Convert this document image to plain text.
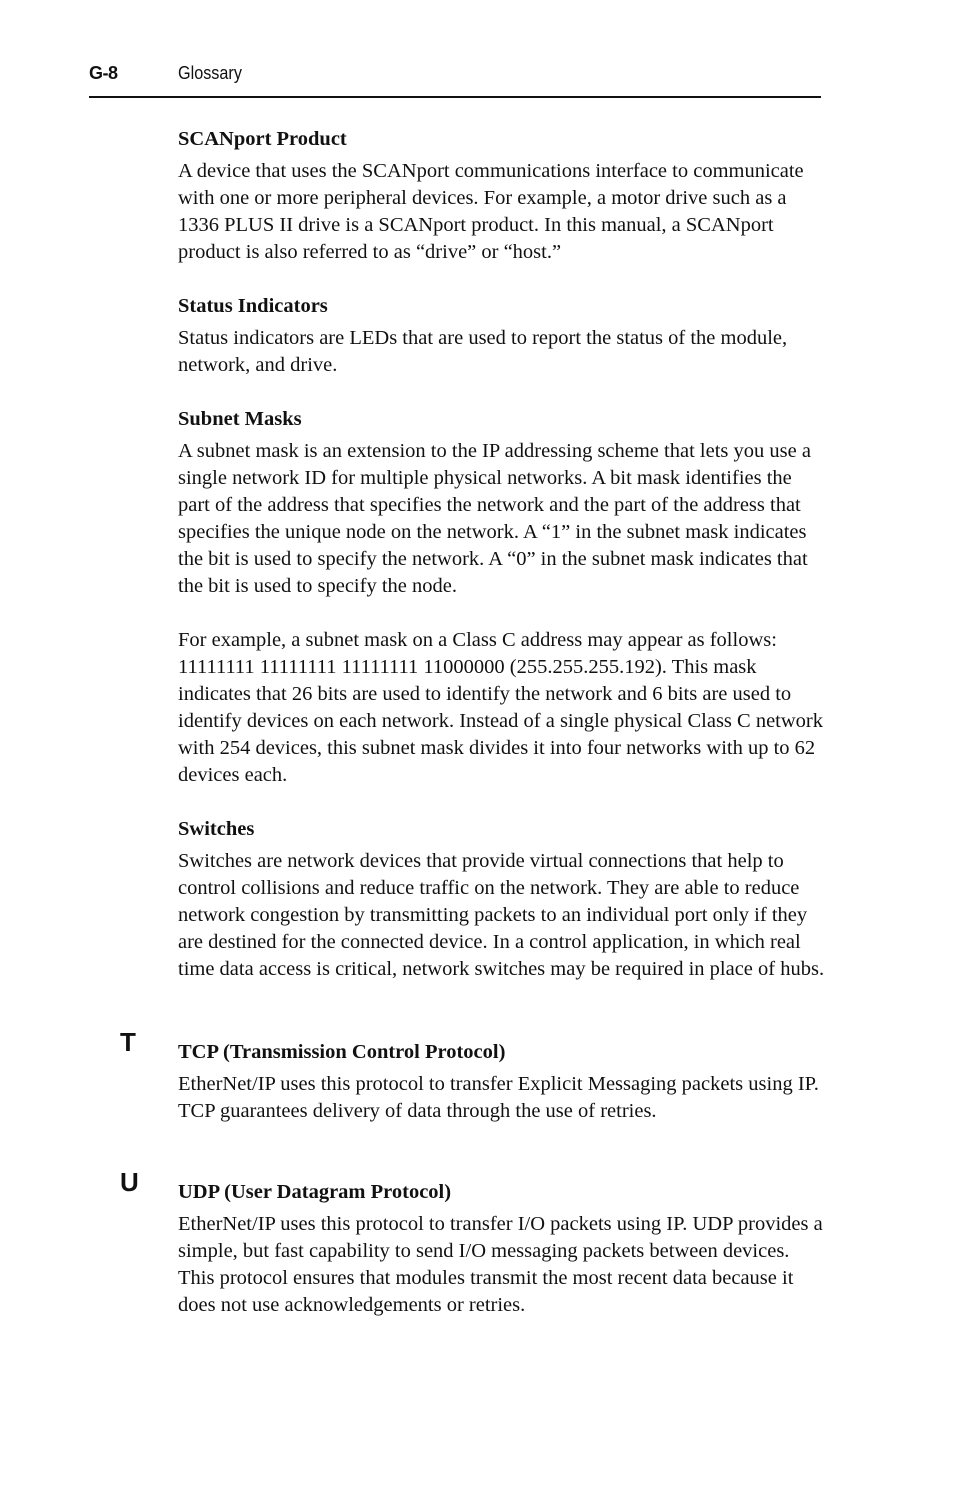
G-8	Glossary

SCANport Product

A device that uses the SCANport communications interface to communicate with one or more peripheral devices. For example, a motor drive such as a 1336 PLUS II drive is a SCANport product. In this manual, a SCANport product is also referred to as “drive” or “host.”

Status Indicators

Status indicators are LEDs that are used to report the status of the module, network, and drive.

Subnet Masks

A subnet mask is an extension to the IP addressing scheme that lets you use a single network ID for multiple physical networks. A bit mask identifies the part of the address that specifies the network and the part of the address that specifies the unique node on the network. A “1” in the subnet mask indicates the bit is used to specify the network. A “0” in the subnet mask indicates that the bit is used to specify the node.

For example, a subnet mask on a Class C address may appear as follows: 11111111 11111111 11111111 11000000 (255.255.255.192). This mask indicates that 26 bits are used to identify the network and 6 bits are used to identify devices on each network. Instead of a single physical Class C network with 254 devices, this subnet mask divides it into four networks with up to 62 devices each.

Switches

Switches are network devices that provide virtual connections that help to control collisions and reduce traffic on the network. They are able to reduce network congestion by transmitting packets to an individual port only if they are destined for the connected device. In a control application, in which real time data access is critical, network switches may be required in place of hubs.

T TCP (Transmission Control Protocol)

EtherNet/IP uses this protocol to transfer Explicit Messaging packets using IP. TCP guarantees delivery of data through the use of retries.

U UDP (User Datagram Protocol)

EtherNet/IP uses this protocol to transfer I/O packets using IP. UDP provides a simple, but fast capability to send I/O messaging packets between devices. This protocol ensures that modules transmit the most recent data because it does not use acknowledgements or retries.
